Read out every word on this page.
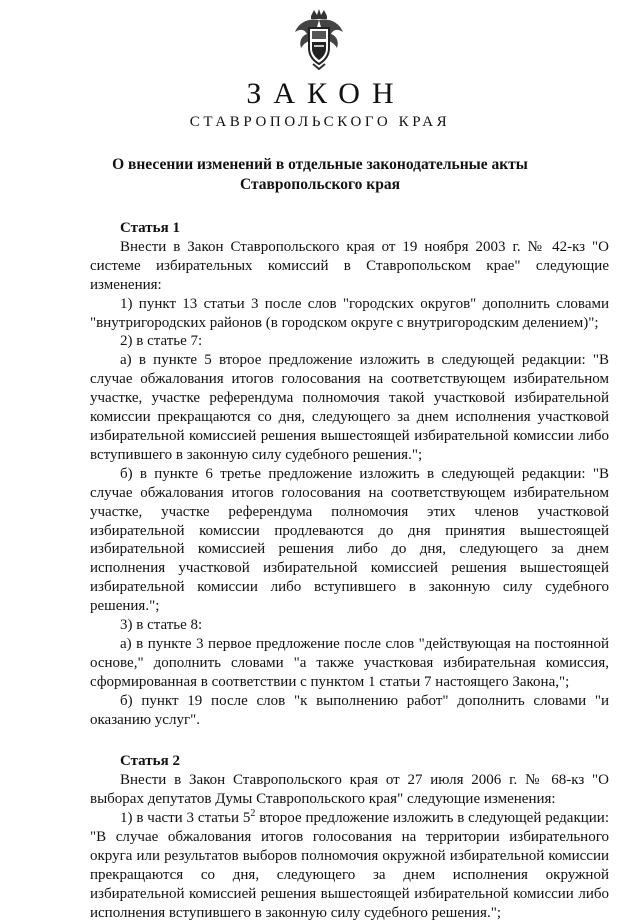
ЗАКОН
СТАВРОПОЛЬСКОГО КРАЯ
О внесении изменений в отдельные законодательные акты
Ставропольского края

Статья 1

Внести в Закон Ставропольского края от 19 ноября 2003 г. № 42-кз "О системе избирательных комиссий в Ставропольском крае" следующие изменения:

1) пункт 13 статьи 3 после слов "городских округов" дополнить словами "внутригородских районов (в городском округе с внутригородским делением)";

2) в статье 7:

а) в пункте 5 второе предложение изложить в следующей редакции: "В случае обжалования итогов голосования на соответствующем избирательном участке, участке референдума полномочия такой участковой избирательной комиссии прекращаются со дня, следующего за днем исполнения участковой избирательной комиссией решения вышестоящей избирательной комиссии либо вступившего в законную силу судебного решения.";

б) в пункте 6 третье предложение изложить в следующей редакции: "В случае обжалования итогов голосования на соответствующем избирательном участке, участке референдума полномочия этих членов участковой избирательной комиссии продлеваются до дня принятия вышестоящей избирательной комиссией решения либо до дня, следующего за днем исполнения участковой избирательной комиссией решения вышестоящей избирательной комиссии либо вступившего в законную силу судебного решения.";

3) в статье 8:

а) в пункте 3 первое предложение после слов "действующая на постоянной основе," дополнить словами "а также участковая избирательная комиссия, сформированная в соответствии с пунктом 1 статьи 7 настоящего Закона,";

б) пункт 19 после слов "к выполнению работ" дополнить словами "и оказанию услуг".

Статья 2

Внести в Закон Ставропольского края от 27 июля 2006 г. № 68-кз "О выборах депутатов Думы Ставропольского края" следующие изменения:

1) в части 3 статьи $5^2$ второе предложение изложить в следующей редакции: "В случае обжалования итогов голосования на территории избирательного округа или результатов выборов полномочия окружной избирательной комиссии прекращаются со дня, следующего за днем исполнения окружной избирательной комиссией решения вышестоящей избирательной комиссии либо исполнения вступившего в законную силу судебного решения.";
